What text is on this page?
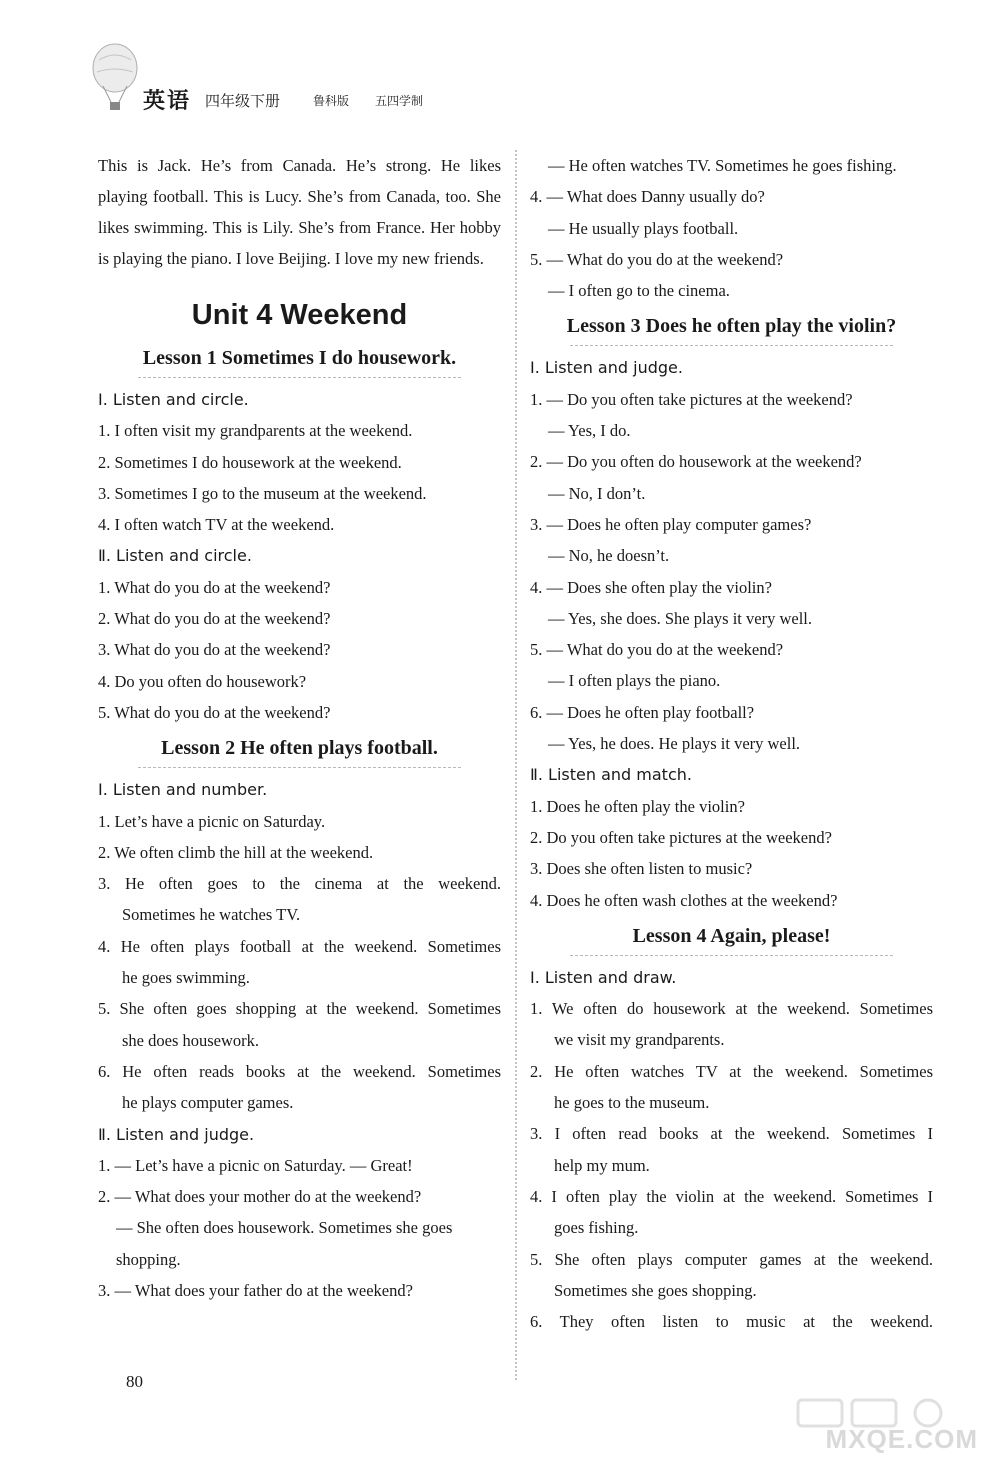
英语 四年级下册	鲁科版 五四学制

This is Jack. He’s from Canada. He’s strong. He likes playing football. This is Lucy. She’s from Canada, too. She likes swimming. This is Lily. She’s from France. Her hobby is playing the piano. I love Beijing. I love my new friends.

Unit 4 Weekend
Lesson 1 Sometimes I do housework.
Ⅰ. Listen and circle.
1. I often visit my grandparents at the weekend.
2. Sometimes I do housework at the weekend.
3. Sometimes I go to the museum at the weekend.
4. I often watch TV at the weekend.
Ⅱ. Listen and circle.
1. What do you do at the weekend?
2. What do you do at the weekend?
3. What do you do at the weekend?
4. Do you often do housework?
5. What do you do at the weekend?
Lesson 2 He often plays football.
Ⅰ. Listen and number.
1. Let’s have a picnic on Saturday.
2. We often climb the hill at the weekend.
3. He often goes to the cinema at the weekend.
Sometimes he watches TV.
4. He often plays football at the weekend. Sometimes
he goes swimming.
5. She often goes shopping at the weekend. Sometimes
she does housework.
6. He often reads books at the weekend. Sometimes
he plays computer games.
Ⅱ. Listen and judge.
1. — Let’s have a picnic on Saturday. — Great!
2. — What does your mother do at the weekend?
— She often does housework. Sometimes she goes
shopping.
3. — What does your father do at the weekend?
— He often watches TV. Sometimes he goes fishing.
4. — What does Danny usually do?
— He usually plays football.
5. — What do you do at the weekend?
— I often go to the cinema.
Lesson 3 Does he often play the violin?
Ⅰ. Listen and judge.
1. — Do you often take pictures at the weekend?
— Yes, I do.
2. — Do you often do housework at the weekend?
— No, I don’t.
3. — Does he often play computer games?
— No, he doesn’t.
4. — Does she often play the violin?
— Yes, she does. She plays it very well.
5. — What do you do at the weekend?
— I often plays the piano.
6. — Does he often play football?
— Yes, he does. He plays it very well.
Ⅱ. Listen and match.
1. Does he often play the violin?
2. Do you often take pictures at the weekend?
3. Does she often listen to music?
4. Does he often wash clothes at the weekend?
Lesson 4 Again, please!
Ⅰ. Listen and draw.
1. We often do housework at the weekend. Sometimes
we visit my grandparents.
2. He often watches TV at the weekend. Sometimes
he goes to the museum.
3. I often read books at the weekend. Sometimes I
help my mum.
4. I often play the violin at the weekend. Sometimes I
goes fishing.
5. She often plays computer games at the weekend.
Sometimes she goes shopping.
6. They often listen to music at the weekend.
80
MXQE.COM
